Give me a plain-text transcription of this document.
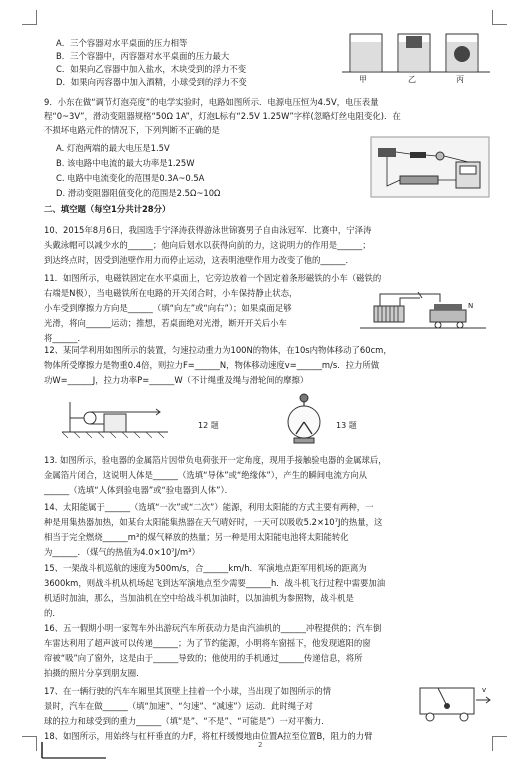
A．三个容器对水平桌面的压力相等
B．三个容器中，丙容器对水平桌面的压力最大
C．如果向乙容器中加入盐水，木块受到的浮力不变
D．如果向丙容器中加入酒精，小球受到的浮力不变
9．小东在做“调节灯泡亮度”的电学实验时，电路如图所示．电源电压恒为4.5V，电压表量
程“0~3V”，滑动变阻器规格“50Ω 1A”，灯泡L标有“2.5V 1.25W”字样(忽略灯丝电阻变化)．在
不损坏电路元件的情况下，下列判断不正确的是
A. 灯泡两端的最大电压是1.5V
B. 该电路中电流的最大功率是1.25W
C. 电路中电流变化的范围是0.3A~0.5A
D. 滑动变阻器阻值变化的范围是2.5Ω~10Ω
二、填空题（每空1分共计28分）
10、2015年8月6日，我国选手宁泽涛获得游泳世锦赛男子自由泳冠军．比赛中，宁泽涛
头戴泳帽可以减少水的______；他向后划水以获得向前的力，这说明力的作用是______；
到达终点时，因受到池壁作用力而停止运动，这表明池壁作用力改变了他的______．
11．如图所示，电磁铁固定在水平桌面上，它旁边放着一个固定着条形磁铁的小车（磁铁的
右端是N极），当电磁铁所在电路的开关闭合时，小车保持静止状态，
小车受到摩擦力方向是______（填“向左”或“向右”）；如果桌面足够
光滑，将向______运动；推想，若桌面绝对光滑，断开开关后小车
将______．
12、某同学利用如图所示的装置，匀速拉动重力为100N的物体，在10s内物体移动了60cm，
物体所受摩擦力是物重0.4倍，则拉力F=______N，物体移动速度v=______m/s．拉力所做
功W=______J，拉力功率P=______W（不计绳重及绳与滑轮间的摩擦）
13. 如图所示，验电器的金属箔片因带负电荷张开一定角度，现用手接触验电器的金属球后，
金属箔片闭合，这说明人体是______（选填“导体”或“绝缘体”），产生的瞬间电流方向从
______（选填“人体到验电器”或“验电器到人体”）．
14、太阳能属于______（选填“一次”或“二次”）能源，利用太阳能的方式主要有两种，一
种是用集热器加热，如某台太阳能集热器在天气晴好时，一天可以吸收5.2×10⁷J的热量，这
相当于完全燃烧______m³的煤气释放的热量；另一种是用太阳能电池将太阳能转化
为______．（煤气的热值为4.0×10⁷J/m³）
15、一架战斗机巡航的速度为500m/s，合______km/h．军演地点距军用机场的距离为
3600km，则战斗机从机场起飞到达军演地点至少需要______h．战斗机飞行过程中需要加油
机适时加油，那么，当加油机在空中给战斗机加油时，以加油机为参照物，战斗机是
的．
16、五一假期小明一家驾车外出游玩汽车所获动力是由汽油机的______冲程提供的；汽车倒
车雷达利用了超声波可以传递______；为了节约能源，小明将车窗摇下，他发现遮阳的窗
帘被“吸”向了窗外，这是由于______导致的；他使用的手机通过______传递信息，将所
拍摄的照片分享到朋友圈．
17、在一辆行驶的汽车车厢里其顶壁上挂着一个小球，当出现了如图所示的情
景时，汽车在做______（填“加速”、“匀速”、“减速”）运动．此时绳子对
球的拉力和球受到的重力______（填“是”、“不是”、“可能是”）一对平衡力．
18、如图所示，用始终与杠杆垂直的力F，将杠杆缓慢地由位置A拉至位置B，阻力的力臂
甲	乙	丙
N
12 题	13 题
v
2
